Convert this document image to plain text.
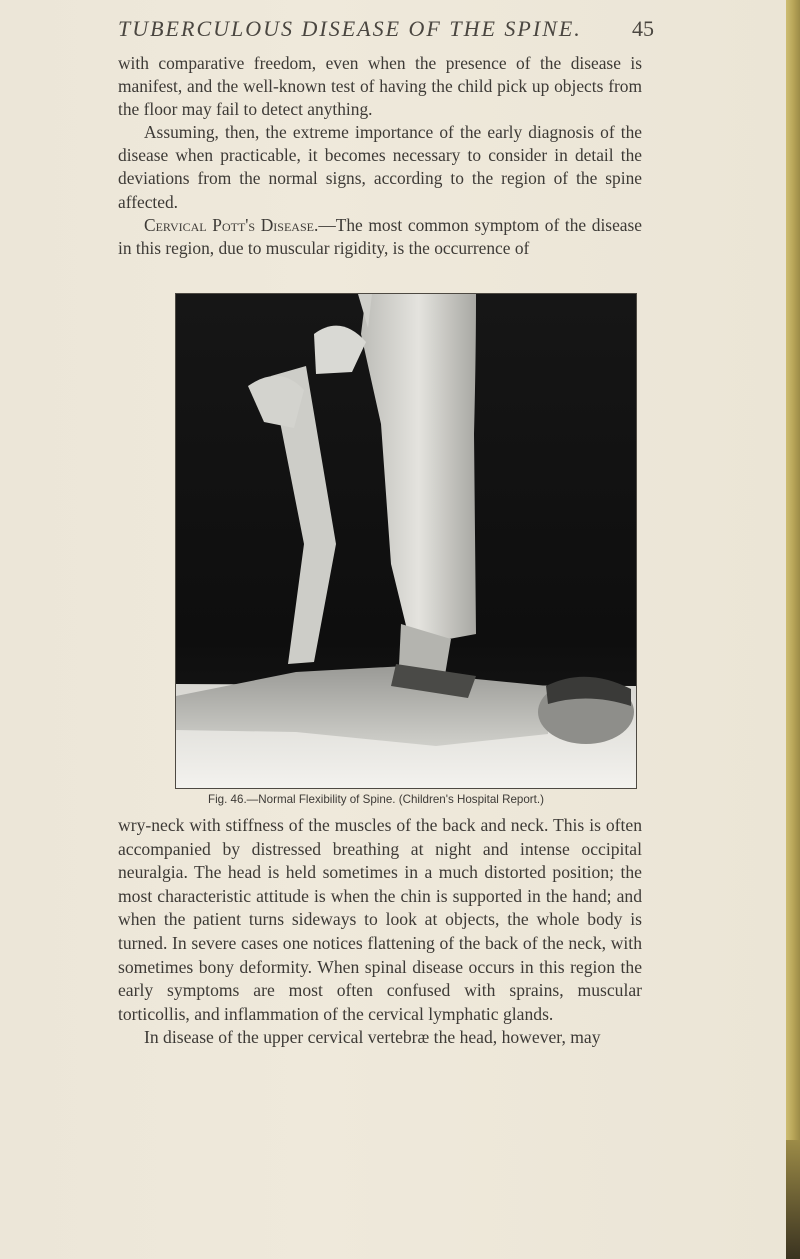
TUBERCULOUS DISEASE OF THE SPINE.	45

with comparative freedom, even when the presence of the disease is manifest, and the well-known test of having the child pick up objects from the floor may fail to detect anything.

Assuming, then, the extreme importance of the early diagnosis of the disease when practicable, it becomes necessary to consider in detail the deviations from the normal signs, according to the region of the spine affected.

Cervical Pott's Disease.—The most common symptom of the disease in this region, due to muscular rigidity, is the occurrence of

Fig. 46.—Normal Flexibility of Spine. (Children's Hospital Report.)

wry-neck with stiffness of the muscles of the back and neck. This is often accompanied by distressed breathing at night and intense occipital neuralgia. The head is held sometimes in a much distorted position; the most characteristic attitude is when the chin is supported in the hand; and when the patient turns sideways to look at objects, the whole body is turned. In severe cases one notices flattening of the back of the neck, with sometimes bony deformity. When spinal disease occurs in this region the early symptoms are most often confused with sprains, muscular torticollis, and inflammation of the cervical lymphatic glands.

In disease of the upper cervical vertebræ the head, however, may
